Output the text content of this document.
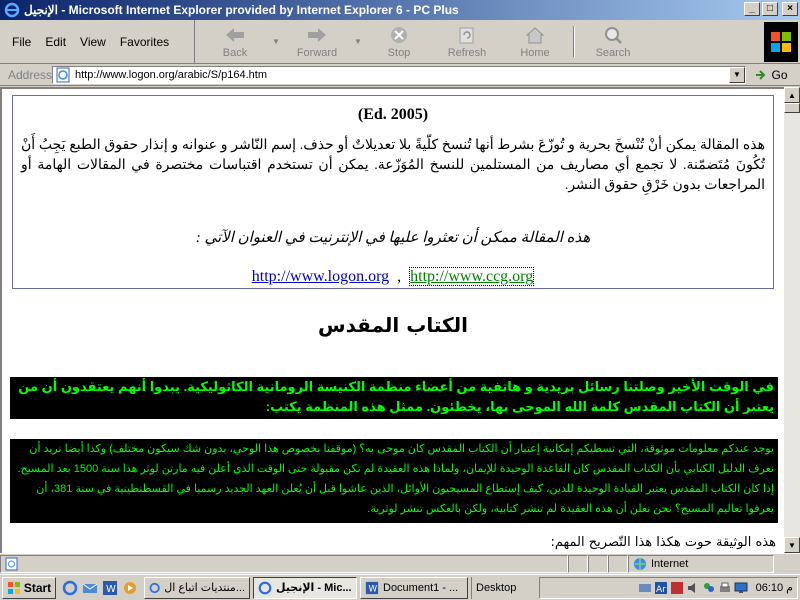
الإنجيل - Microsoft Internet Explorer provided by Internet Explorer 6 - PC Plus	_	□	×
File	Edit	View	Favorites
Back
▼
Forward
▼
Stop	Refresh	Home	Search
Address http://www.logon.org/arabic/S/p164.htm	▼	Go
(Ed. 2005)
هذه المقالة يمكن أنْ تُنْسخَ بحرية و تُوزّعَ بشرط أنها تُنسخ كلّيةً بلا تعديلاتٌ أو حذف. إسم النّاشر و عنوانه و إنذار حقوق الطبع يَجِبُ أَنْ تُكُونَ مُتَضمّنة. لا تجمع أي مصاريف من المستلمين للنسخ المُوَزّعة. يمكن أن تستخدم اقتباسات مختصرة في المقالات الهامة أو المراجعات بدون خَرْقِ حقوق النشر.
هذه المقالة ممكن أن تعثروا عليها في الإنترنيت في العنوان الآتي :
http://www.logon.org , http://www.ccg.org
الكتاب المقدس
في الوقت الأخير وصلتنا رسائل بريدية و هاتفية من أعضاء منظمة الكنيسة الرومانية الكاثوليكية. يبدوا أنهم يعتقدون أن من يعتبر أن الكتاب المقدس كلمة الله الموحى بها، يخطئون. ممثل هذه المنظمة يكتب:
يوجد عندكم معلومات موثوقة، التي تسطيكم إمكانية إعتبار أن الكتاب المقدس كان موحى به؟ (موقفنا بخصوص هذا الوحي، بدون شك سيكون مختلف) وكذا أيضا نريد أن نعرف الدليل الكتابي بأن الكتاب المقدس كان القاعدة الوحيدة للإيمان، ولماذا هذه العقيدة لم تكن مقبولة حتى الوقت الذي أعلن فيه مارتن لوثر هذا سنة 1500 بعد المسيح. إذا كان الكتاب المقدس يعتبر القيادة الوحيدة للدين، كيف إستطاع المسيحيون الأوائل، الذين عاشوا قبل أن يُعلن العهد الجديد رسميا في القسطنطينية في سنة 381، أن يعرفوا تعاليم المسيح؟ نحن نعلن أن هذه العقيدة لم تنشر كتابية، ولكن بالعكس تنشر لوثرية.
هذه الوثيقة حوت هكذا هذا التّصريح المهم:
▲
▼
Internet
Start	W	منتديات اتباع ال...	الإنجيل - Mic... W Document1 - ... Desktop	Ar	م 06:10
